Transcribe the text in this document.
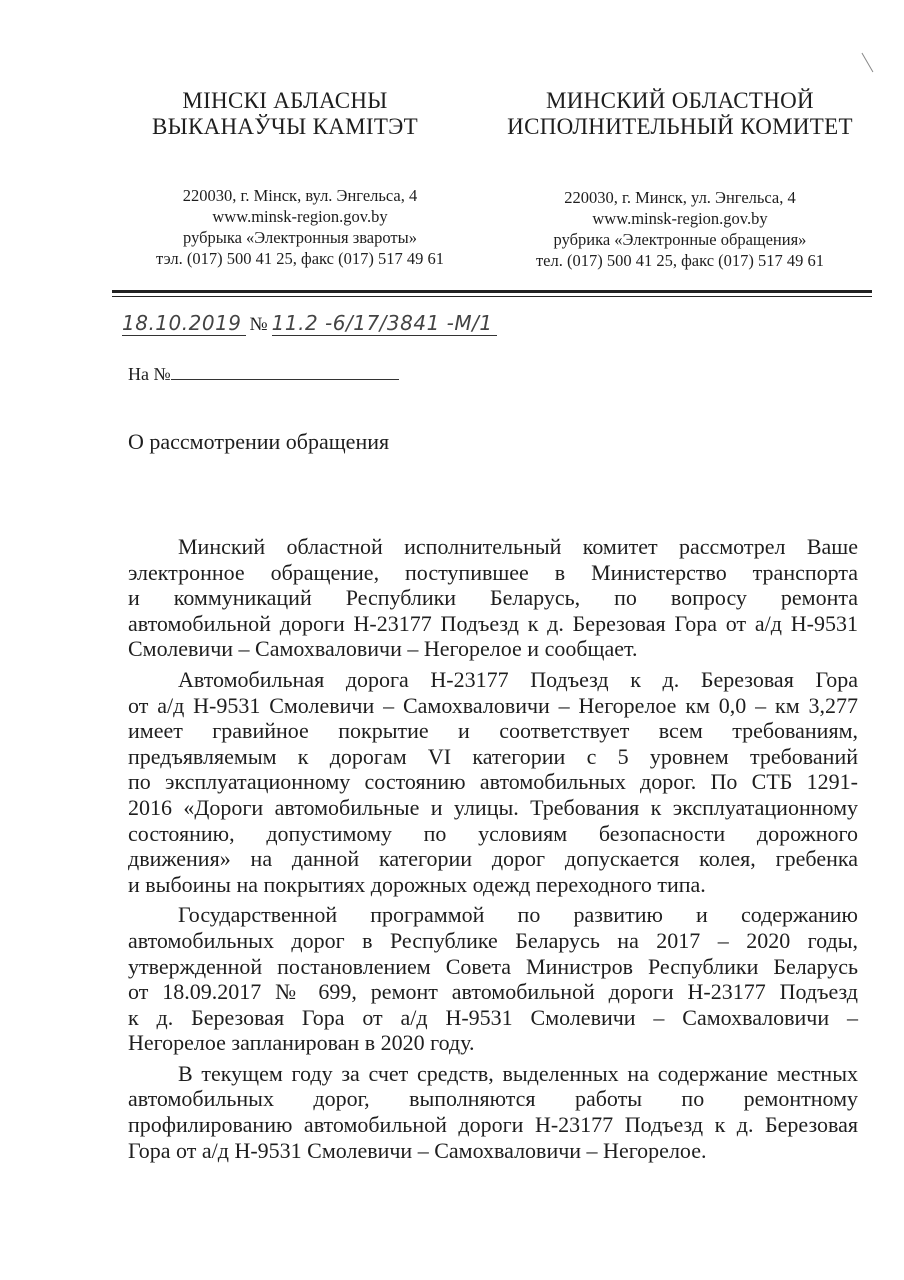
МІНСКІ АБЛАСНЫ
ВЫКАНАЎЧЫ КАМІТЭТ
МИНСКИЙ ОБЛАСТНОЙ
ИСПОЛНИТЕЛЬНЫЙ КОМИТЕТ
220030, г. Мінск, вул. Энгельса, 4
www.minsk-region.gov.by
рубрыка «Электронныя звароты»
тэл. (017) 500 41 25, факс (017) 517 49 61
220030, г. Минск, ул. Энгельса, 4
www.minsk-region.gov.by
рубрика «Электронные обращения»
тел. (017) 500 41 25, факс (017) 517 49 61
18.10.2019 № 11.2 -6/17/3841 -М/1
На №
О рассмотрении обращения
Минский областной исполнительный комитет рассмотрел Ваше
электронное обращение, поступившее в Министерство транспорта
и коммуникаций Республики Беларусь, по вопросу ремонта
автомобильной дороги Н-23177 Подъезд к д. Березовая Гора от а/д Н-9531
Смолевичи – Самохваловичи – Негорелое и сообщает.
Автомобильная дорога Н-23177 Подъезд к д. Березовая Гора
от а/д Н-9531 Смолевичи – Самохваловичи – Негорелое км 0,0 – км 3,277
имеет гравийное покрытие и соответствует всем требованиям,
предъявляемым к дорогам VI категории с 5 уровнем требований
по эксплуатационному состоянию автомобильных дорог. По СТБ 1291-
2016 «Дороги автомобильные и улицы. Требования к эксплуатационному
состоянию, допустимому по условиям безопасности дорожного
движения» на данной категории дорог допускается колея, гребенка
и выбоины на покрытиях дорожных одежд переходного типа.
Государственной программой по развитию и содержанию
автомобильных дорог в Республике Беларусь на 2017 – 2020 годы,
утвержденной постановлением Совета Министров Республики Беларусь
от 18.09.2017 № 699, ремонт автомобильной дороги Н-23177 Подъезд
к д. Березовая Гора от а/д Н-9531 Смолевичи – Самохваловичи –
Негорелое запланирован в 2020 году.
В текущем году за счет средств, выделенных на содержание местных
автомобильных дорог, выполняются работы по ремонтному
профилированию автомобильной дороги Н-23177 Подъезд к д. Березовая
Гора от а/д Н-9531 Смолевичи – Самохваловичи – Негорелое.
